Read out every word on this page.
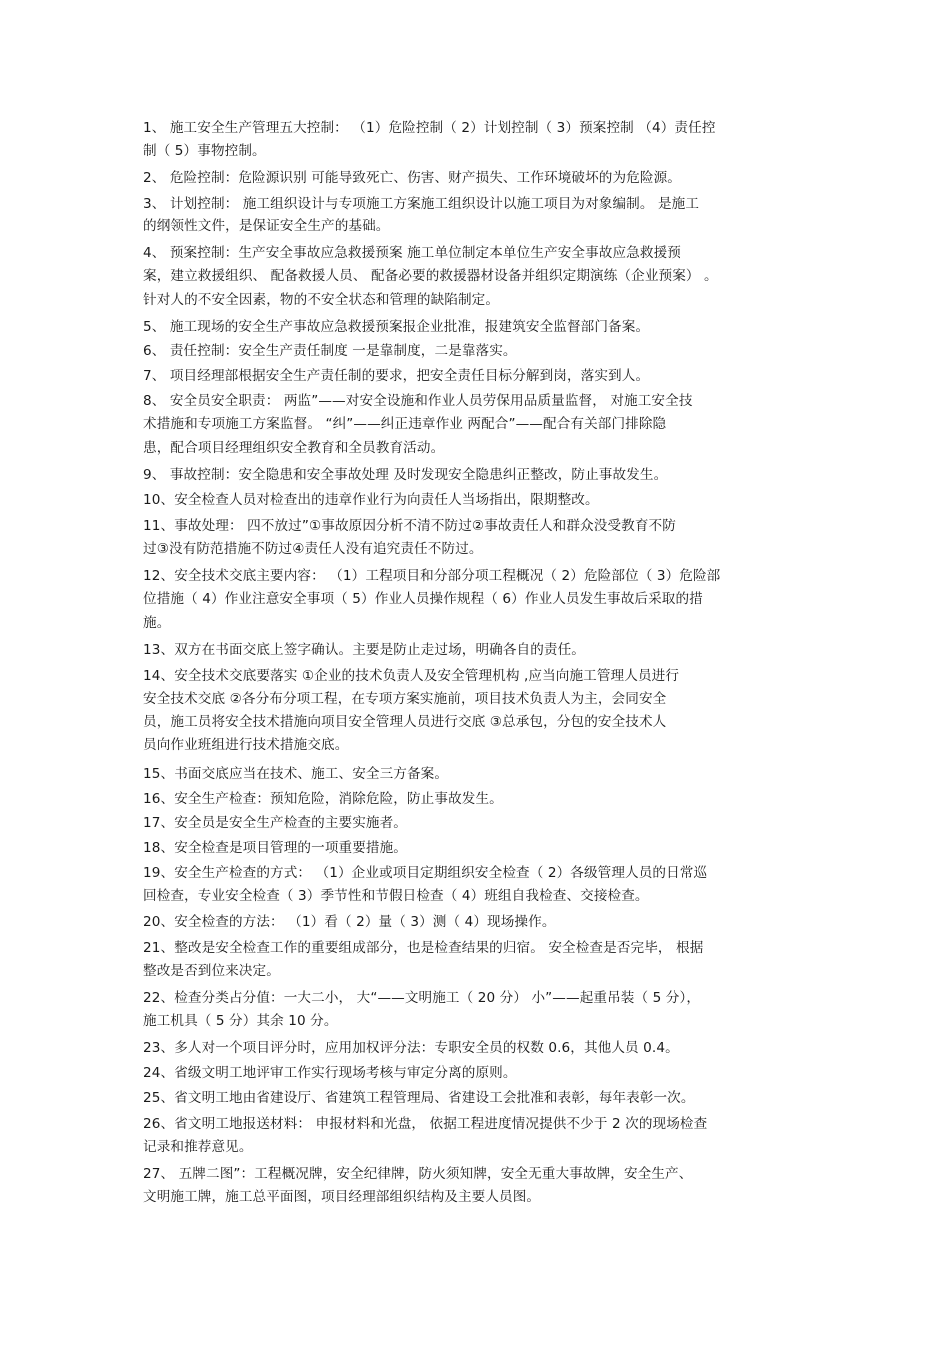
1、 施工安全生产管理五大控制： （1）危险控制（ 2）计划控制（ 3）预案控制 （4）责任控
制（ 5）事物控制。
2、 危险控制：危险源识别 可能导致死亡、伤害、财产损失、工作环境破坏的为危险源。
3、 计划控制： 施工组织设计与专项施工方案施工组织设计以施工项目为对象编制。 是施工
的纲领性文件，是保证安全生产的基础。
4、 预案控制：生产安全事故应急救援预案 施工单位制定本单位生产安全事故应急救援预
案，建立救援组织、 配备救援人员、 配备必要的救援器材设备并组织定期演练（企业预案） 。
针对人的不安全因素，物的不安全状态和管理的缺陷制定。
5、 施工现场的安全生产事故应急救援预案报企业批准，报建筑安全监督部门备案。
6、 责任控制：安全生产责任制度 一是靠制度，二是靠落实。
7、 项目经理部根据安全生产责任制的要求，把安全责任目标分解到岗，落实到人。
8、 安全员安全职责： 两监”——对安全设施和作业人员劳保用品质量监督， 对施工安全技
术措施和专项施工方案监督。 “纠”——纠正违章作业 两配合”——配合有关部门排除隐
患，配合项目经理组织安全教育和全员教育活动。
9、 事故控制：安全隐患和安全事故处理 及时发现安全隐患纠正整改，防止事故发生。
10、安全检查人员对检查出的违章作业行为向责任人当场指出，限期整改。
11、事故处理： 四不放过”①事故原因分析不清不防过②事故责任人和群众没受教育不防
过③没有防范措施不防过④责任人没有追究责任不防过。
12、安全技术交底主要内容： （1）工程项目和分部分项工程概况（ 2）危险部位（ 3）危险部
位措施（ 4）作业注意安全事项（ 5）作业人员操作规程（ 6）作业人员发生事故后采取的措
施。
13、双方在书面交底上签字确认。主要是防止走过场，明确各自的责任。
14、安全技术交底要落实 ①企业的技术负责人及安全管理机构 ,应当向施工管理人员进行
安全技术交底 ②各分布分项工程，在专项方案实施前，项目技术负责人为主，会同安全
员，施工员将安全技术措施向项目安全管理人员进行交底 ③总承包，分包的安全技术人
员向作业班组进行技术措施交底。
15、书面交底应当在技术、施工、安全三方备案。
16、安全生产检查：预知危险，消除危险，防止事故发生。
17、安全员是安全生产检查的主要实施者。
18、安全检查是项目管理的一项重要措施。
19、安全生产检查的方式： （1）企业或项目定期组织安全检查（ 2）各级管理人员的日常巡
回检查，专业安全检查（ 3）季节性和节假日检查（ 4）班组自我检查、交接检查。
20、安全检查的方法： （1）看（ 2）量（ 3）测（ 4）现场操作。
21、整改是安全检查工作的重要组成部分，也是检查结果的归宿。 安全检查是否完毕， 根据
整改是否到位来决定。
22、检查分类占分值：一大二小， 大“——文明施工（ 20 分） 小”——起重吊装（ 5 分），
施工机具（ 5 分）其余 10 分。
23、多人对一个项目评分时，应用加权评分法：专职安全员的权数 0.6，其他人员 0.4。
24、省级文明工地评审工作实行现场考核与审定分离的原则。
25、省文明工地由省建设厅、省建筑工程管理局、省建设工会批准和表彰，每年表彰一次。
26、省文明工地报送材料： 申报材料和光盘， 依据工程进度情况提供不少于 2 次的现场检查
记录和推荐意见。
27、 五牌二图”：工程概况牌，安全纪律牌，防火须知牌，安全无重大事故牌，安全生产、
文明施工牌，施工总平面图，项目经理部组织结构及主要人员图。
